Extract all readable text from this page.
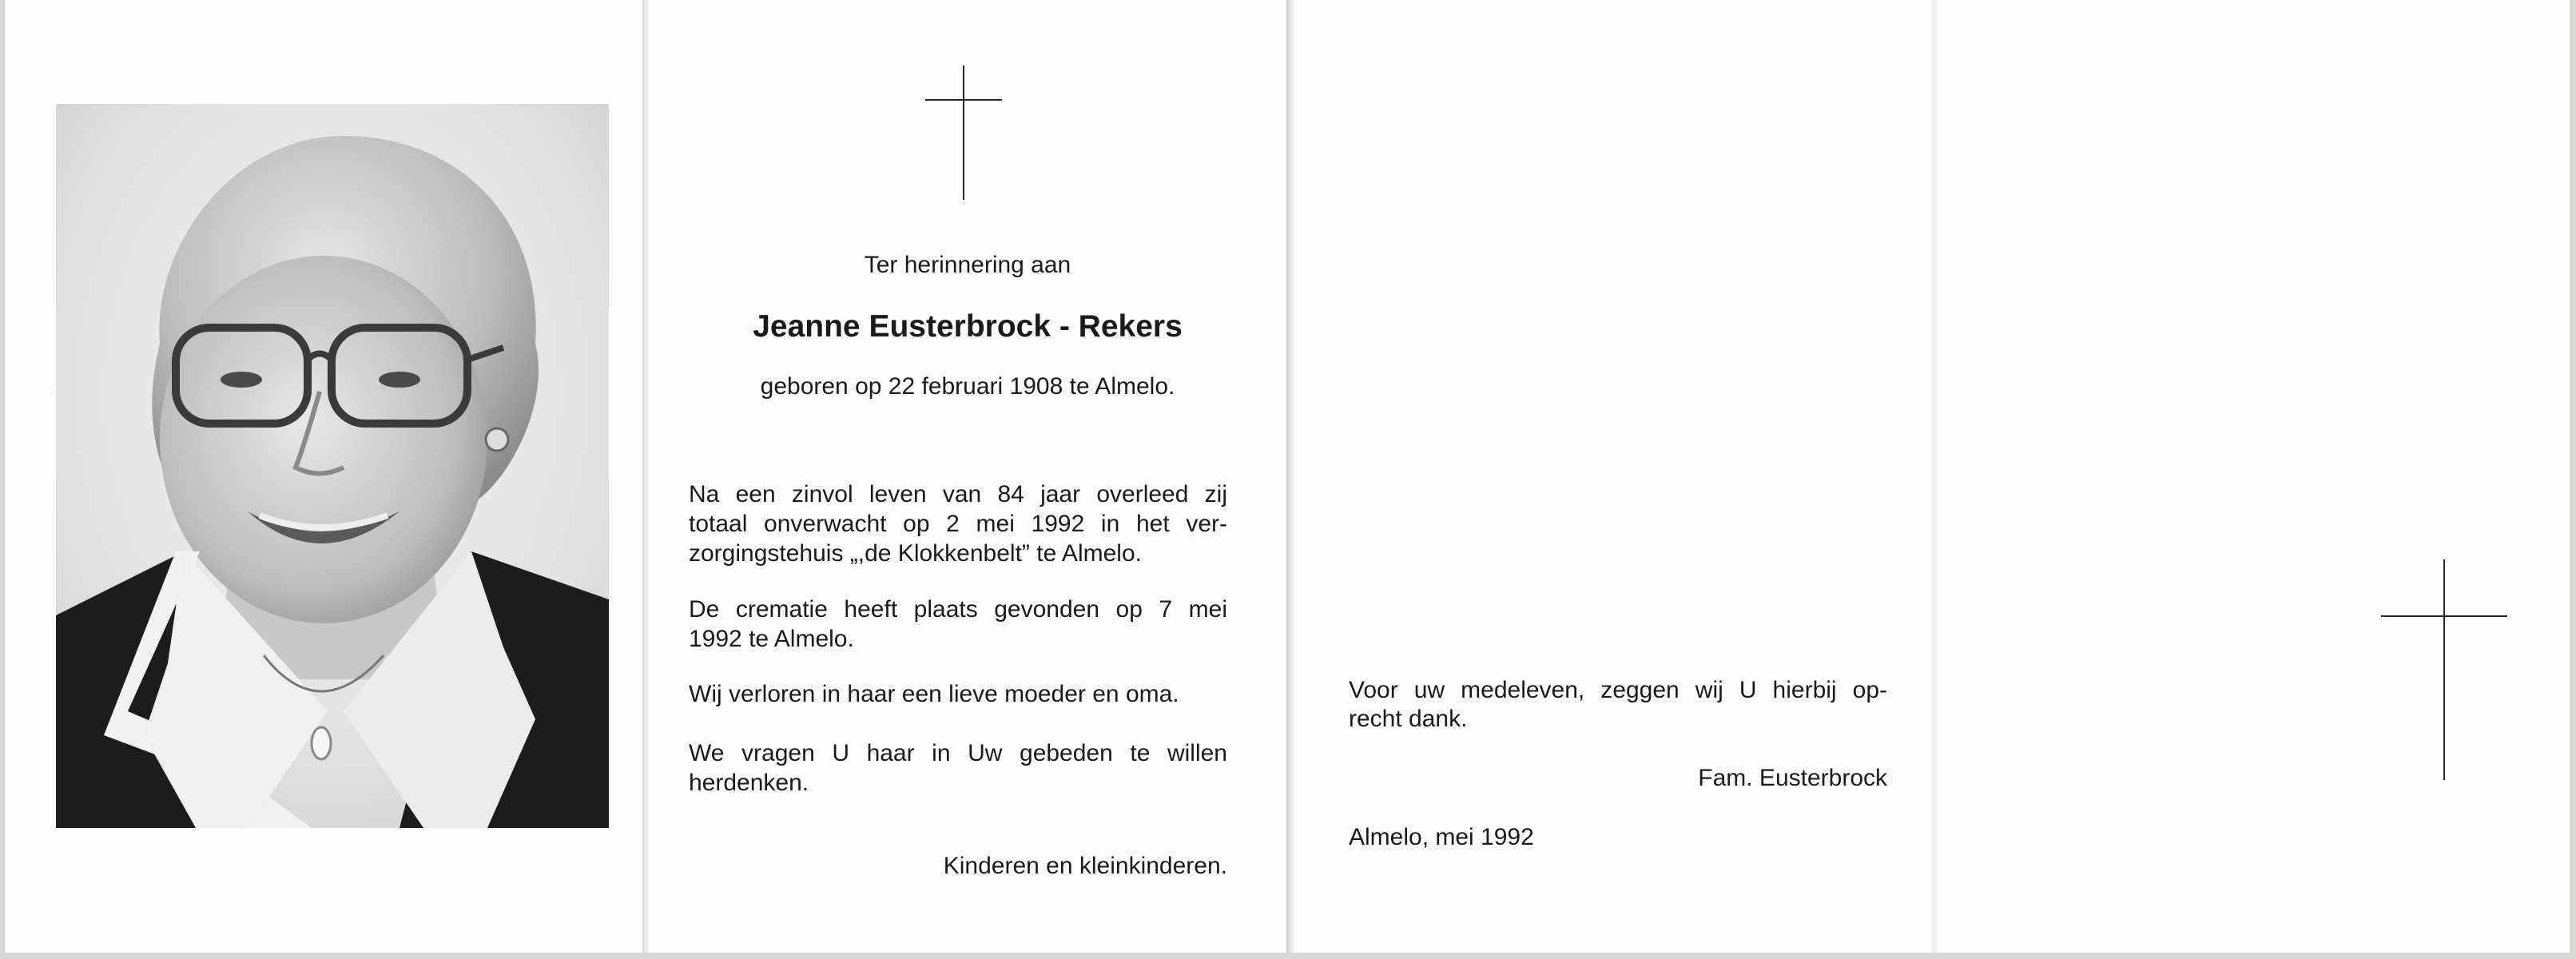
Ter herinnering aan
Jeanne Eusterbrock - Rekers
geboren op 22 februari 1908 te Almelo.

Na een zinvol leven van 84 jaar overleed zij

totaal onverwacht op 2 mei 1992 in het ver-

zorgingstehuis „,de Klokkenbelt” te Almelo.

De crematie heeft plaats gevonden op 7 mei

1992 te Almelo.

Wij verloren in haar een lieve moeder en oma.

We vragen U haar in Uw gebeden te willen

herdenken.

Kinderen en kleinkinderen.

Voor uw medeleven, zeggen wij U hierbij op-

recht dank.

Fam. Eusterbrock
Almelo, mei 1992
